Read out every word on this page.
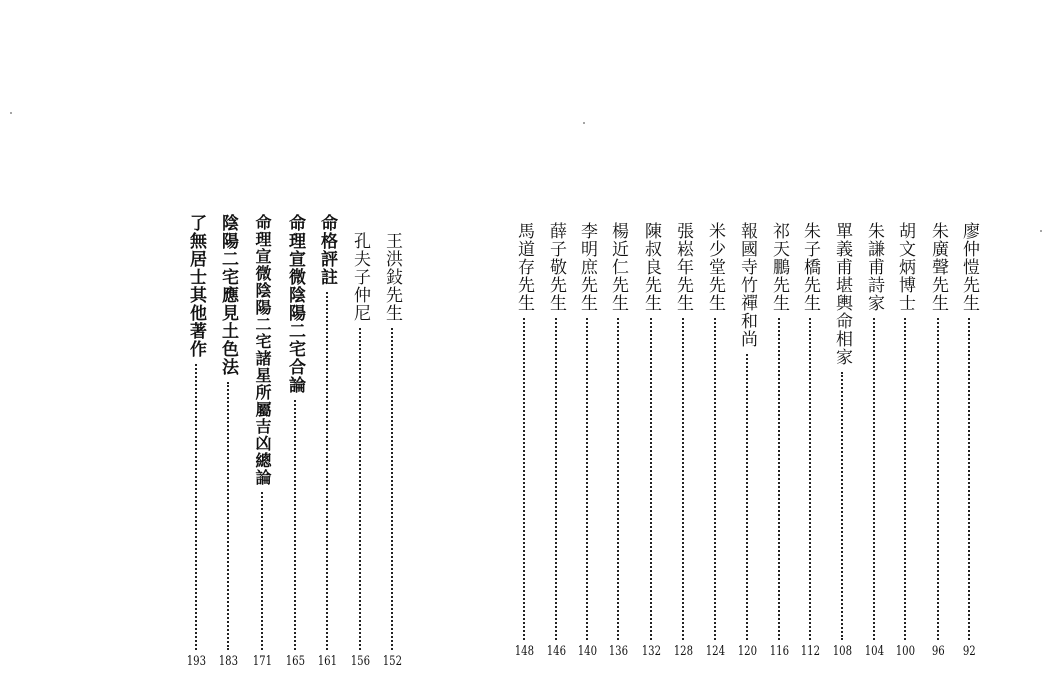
廖仲愷先生
92
朱廣聲先生
96
胡文炳博士
100
朱謙甫詩家
104
單義甫堪輿命相家
108
朱子橋先生
112
祁天鵬先生
116
報國寺竹禪和尚
120
米少堂先生
124
張崧年先生
128
陳叔良先生
132
楊近仁先生
136
李明庶先生
140
薛子敬先生
146
馬道存先生
148
王洪鈙先生
152
孔夫子仲尼
156
命格評註
161
命理宣微陰陽二宅合論
165
命理宣微陰陽二宅諸星所屬吉凶總論
171
陰陽二宅應見土色法
183
了無居士其他著作
193
